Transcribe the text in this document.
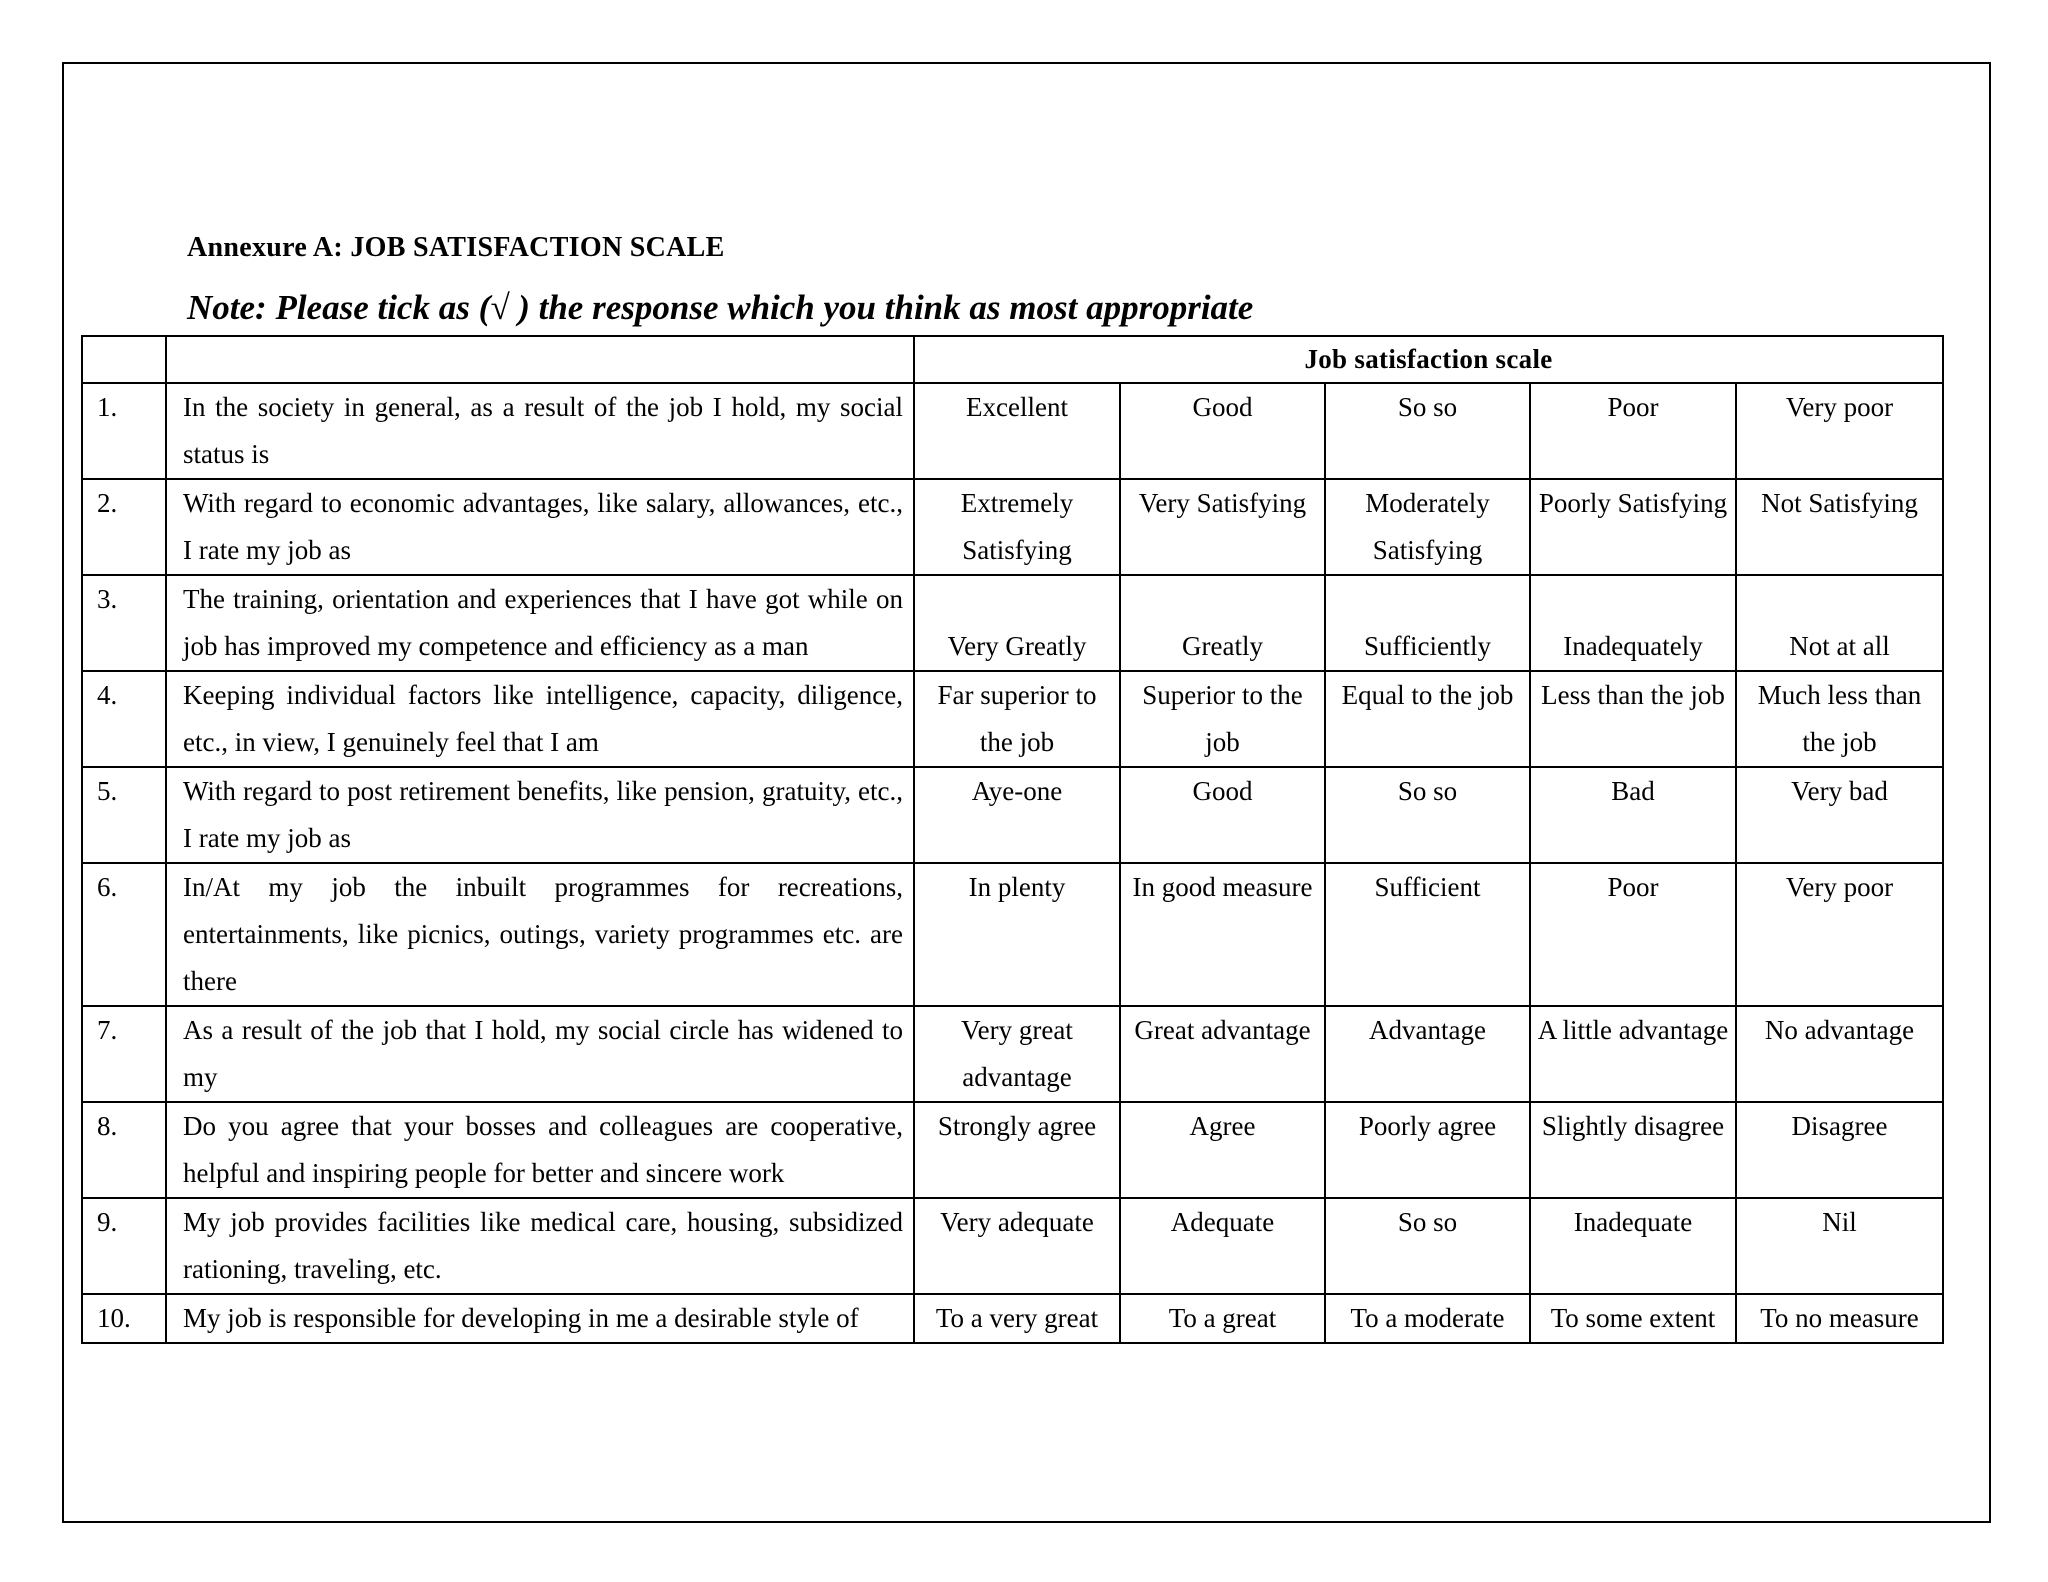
Annexure A: JOB SATISFACTION SCALE
Note: Please tick as (√ ) the response which you think as most appropriate
		Job satisfaction scale				
1.	In the society in general, as a result of the job I hold, my social status is	Excellent	Good	So so	Poor	Very poor
2.	With regard to economic advantages, like salary, allowances, etc., I rate my job as	Extremely Satisfying	Very Satisfying	Moderately Satisfying	Poorly Satisfying	Not Satisfying
3.	The training, orientation and experiences that I have got while on job has improved my competence and efficiency as a man	Very Greatly	Greatly	Sufficiently	Inadequately	Not at all
4.	Keeping individual factors like intelligence, capacity, diligence, etc., in view, I genuinely feel that I am	Far superior to the job	Superior to the job	Equal to the job	Less than the job	Much less than the job
5.	With regard to post retirement benefits, like pension, gratuity, etc., I rate my job as	Aye-one	Good	So so	Bad	Very bad
6.	In/At my job the inbuilt programmes for recreations, entertainments, like picnics, outings, variety programmes etc. are there	In plenty	In good measure	Sufficient	Poor	Very poor
7.	As a result of the job that I hold, my social circle has widened to my	Very great advantage	Great advantage	Advantage	A little advantage	No advantage
8.	Do you agree that your bosses and colleagues are cooperative, helpful and inspiring people for better and sincere work	Strongly agree	Agree	Poorly agree	Slightly disagree	Disagree
9.	My job provides facilities like medical care, housing, subsidized rationing, traveling, etc.	Very adequate	Adequate	So so	Inadequate	Nil
10.	My job is responsible for developing in me a desirable style of	To a very great	To a great	To a moderate	To some extent	To no measure
